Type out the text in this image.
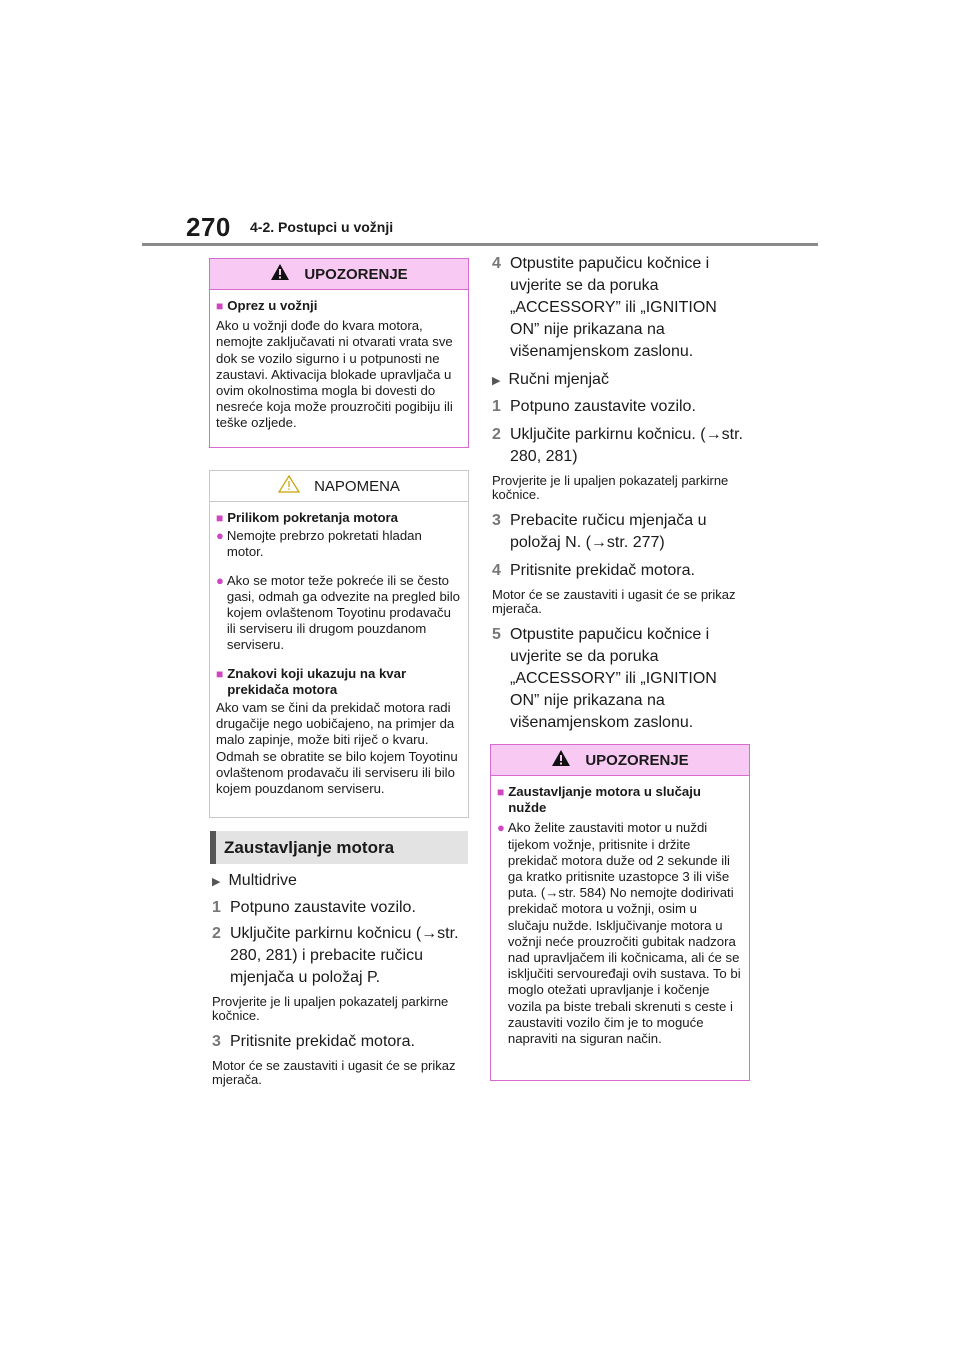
270 4-2. Postupci u vožnji
UPOZORENJE
■ Oprez u vožnji
Ako u vožnji dođe do kvara motora, nemojte zaključavati ni otvarati vrata sve dok se vozilo sigurno i u potpunosti ne zaustavi. Aktivacija blokade upravljača u ovim okolnostima mogla bi dovesti do nesreće koja može prouzročiti pogibiju ili teške ozljede.
NAPOMENA
■ Prilikom pokretanja motora
● Nemojte prebrzo pokretati hladan motor.
● Ako se motor teže pokreće ili se često gasi, odmah ga odvezite na pregled bilo kojem ovlaštenom Toyotinu prodavaču ili serviseru ili drugom pouzdanom serviseru.
■ Znakovi koji ukazuju na kvar prekidača motora
Ako vam se čini da prekidač motora radi drugačije nego uobičajeno, na primjer da malo zapinje, može biti riječ o kvaru. Odmah se obratite se bilo kojem Toyotinu ovlaštenom prodavaču ili serviseru ili bilo kojem pouzdanom serviseru.
Zaustavljanje motora
▶ Multidrive
1 Potpuno zaustavite vozilo.
2 Uključite parkirnu kočnicu (→str. 280, 281) i prebacite ručicu mjenjača u položaj P.
Provjerite je li upaljen pokazatelj parkirne kočnice.
3 Pritisnite prekidač motora.
Motor će se zaustaviti i ugasit će se prikaz mjerača.
4 Otpustite papučicu kočnice i uvjerite se da poruka „ACCESSORY” ili „IGNITION ON” nije prikazana na višenamjenskom zaslonu.
▶ Ručni mjenjač
1 Potpuno zaustavite vozilo.
2 Uključite parkirnu kočnicu. (→str. 280, 281)
Provjerite je li upaljen pokazatelj parkirne kočnice.
3 Prebacite ručicu mjenjača u položaj N. (→str. 277)
4 Pritisnite prekidač motora.
Motor će se zaustaviti i ugasit će se prikaz mjerača.
5 Otpustite papučicu kočnice i uvjerite se da poruka „ACCESSORY” ili „IGNITION ON” nije prikazana na višenamjenskom zaslonu.
UPOZORENJE
■ Zaustavljanje motora u slučaju nužde
● Ako želite zaustaviti motor u nuždi tijekom vožnje, pritisnite i držite prekidač motora duže od 2 sekunde ili ga kratko pritisnite uzastopce 3 ili više puta. (→str. 584) No nemojte dodirivati prekidač motora u vožnji, osim u slučaju nužde. Isključivanje motora u vožnji neće prouzročiti gubitak nadzora nad upravljačem ili kočnicama, ali će se isključiti servouređaji ovih sustava. To bi moglo otežati upravljanje i kočenje vozila pa biste trebali skrenuti s ceste i zaustaviti vozilo čim je to moguće napraviti na siguran način.
